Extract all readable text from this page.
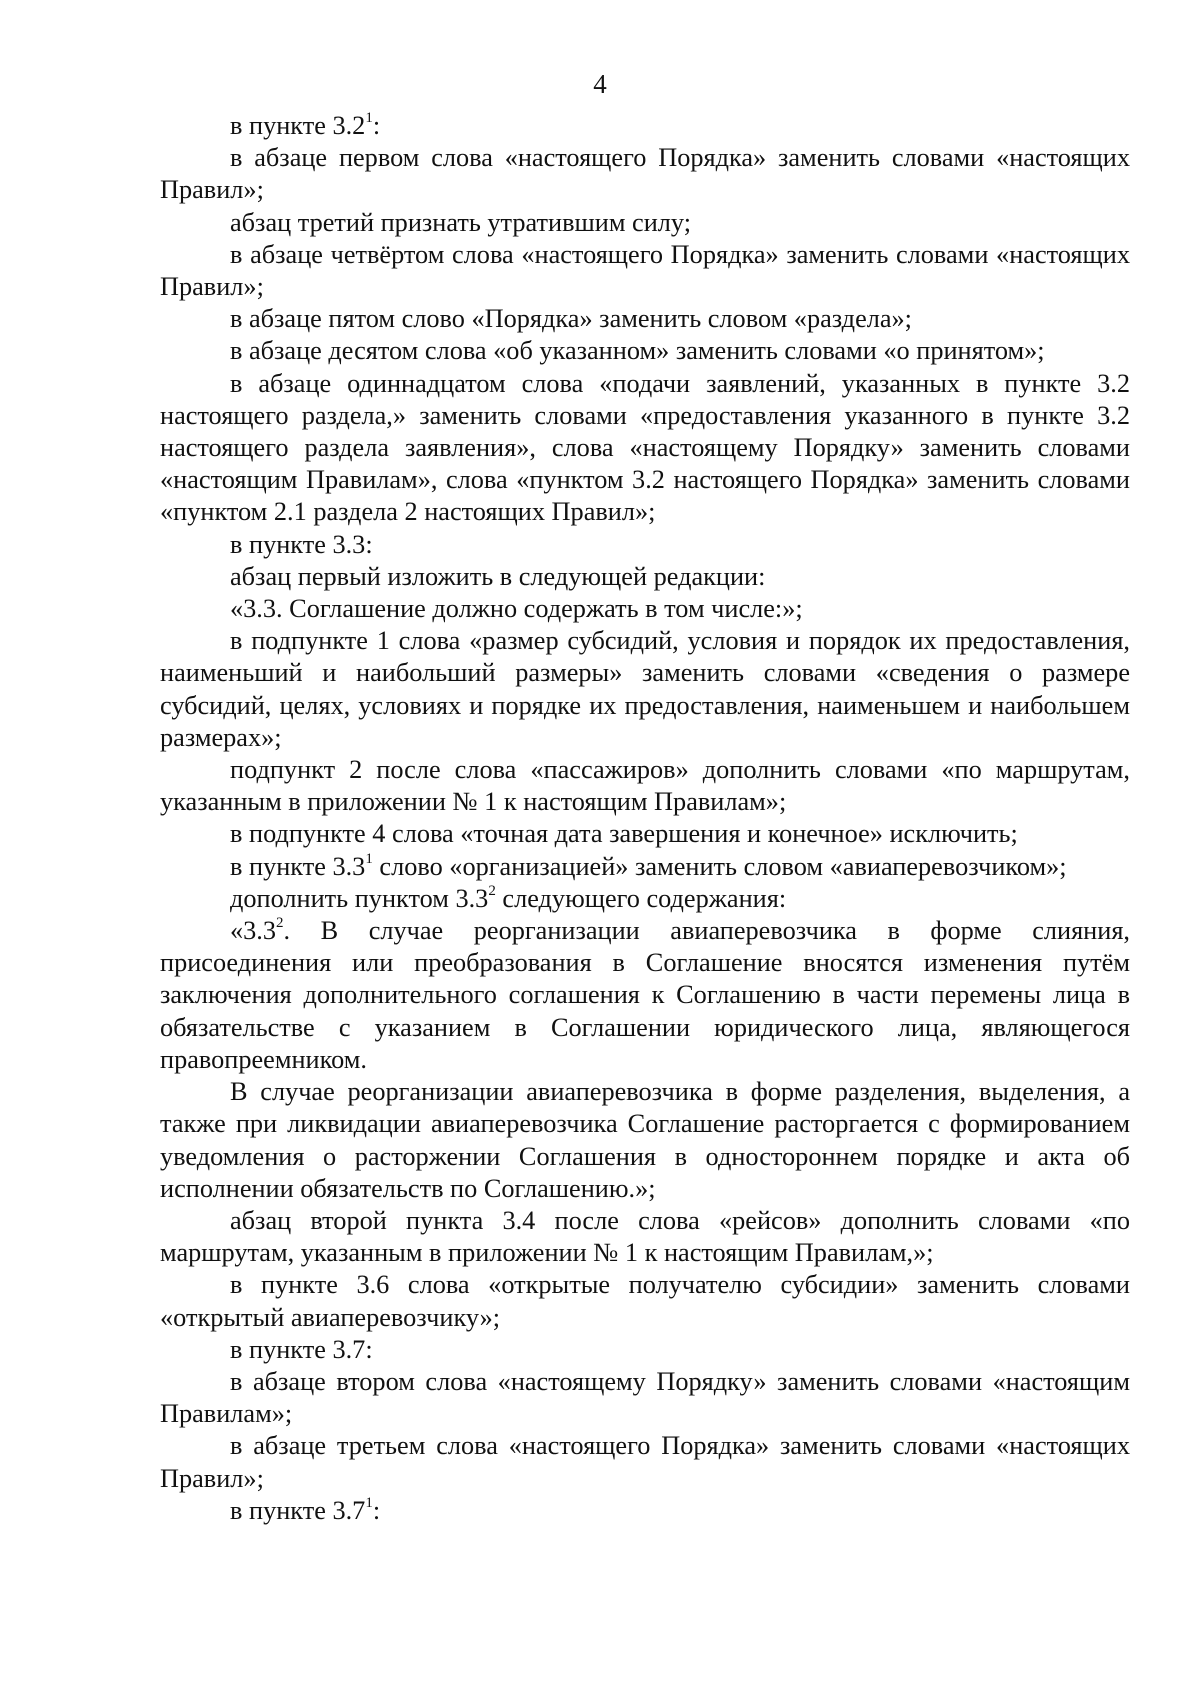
4

в пункте $3.2^1$:

в абзаце первом слова «настоящего Порядка» заменить словами «настоящих Правил»;

абзац третий признать утратившим силу;

в абзаце четвёртом слова «настоящего Порядка» заменить словами «настоящих Правил»;

в абзаце пятом слово «Порядка» заменить словом «раздела»;

в абзаце десятом слова «об указанном» заменить словами «о принятом»;

в абзаце одиннадцатом слова «подачи заявлений, указанных в пункте 3.2 настоящего раздела,» заменить словами «предоставления указанного в пункте 3.2 настоящего раздела заявления», слова «настоящему Порядку» заменить словами «настоящим Правилам», слова «пунктом 3.2 настоящего Порядка» заменить словами «пунктом 2.1 раздела 2 настоящих Правил»;

в пункте 3.3:

абзац первый изложить в следующей редакции:

«3.3. Соглашение должно содержать в том числе:»;

в подпункте 1 слова «размер субсидий, условия и порядок их предоставления, наименьший и наибольший размеры» заменить словами «сведения о размере субсидий, целях, условиях и порядке их предоставления, наименьшем и наибольшем размерах»;

подпункт 2 после слова «пассажиров» дополнить словами «по маршрутам, указанным в приложении № 1 к настоящим Правилам»;

в подпункте 4 слова «точная дата завершения и конечное» исключить;

в пункте $3.3^1$ слово «организацией» заменить словом «авиаперевозчиком»;

дополнить пунктом $3.3^2$ следующего содержания:

«$3.3^2$. В случае реорганизации авиаперевозчика в форме слияния, присоединения или преобразования в Соглашение вносятся изменения путём заключения дополнительного соглашения к Соглашению в части перемены лица в обязательстве с указанием в Соглашении юридического лица, являющегося правопреемником.

В случае реорганизации авиаперевозчика в форме разделения, выделения, а также при ликвидации авиаперевозчика Соглашение расторгается с формированием уведомления о расторжении Соглашения в одностороннем порядке и акта об исполнении обязательств по Соглашению.»;

абзац второй пункта 3.4 после слова «рейсов» дополнить словами «по маршрутам, указанным в приложении № 1 к настоящим Правилам,»;

в пункте 3.6 слова «открытые получателю субсидии» заменить словами «открытый авиаперевозчику»;

в пункте 3.7:

в абзаце втором слова «настоящему Порядку» заменить словами «настоящим Правилам»;

в абзаце третьем слова «настоящего Порядка» заменить словами «настоящих Правил»;

в пункте $3.7^1$:
